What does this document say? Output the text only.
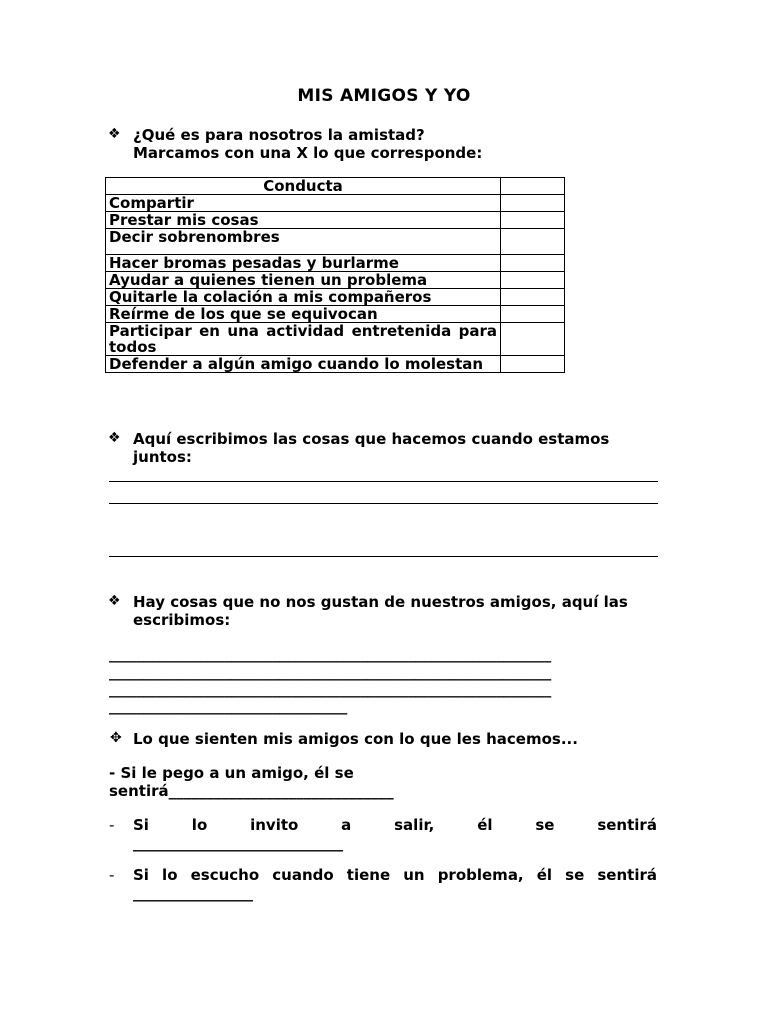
MIS AMIGOS Y YO
❖ ¿Qué es para nosotros la amistad?
Marcamos con una X lo que corresponde:
Conducta	
Compartir	
Prestar mis cosas	
Decir sobrenombres	
Hacer bromas pesadas y burlarme	
Ayudar a quienes tienen un problema	
Quitarle la colación a mis compañeros	
Reírme de los que se equivocan	
Participar en una actividad entretenida para todos	
Defender a algún amigo cuando lo molestan	
❖ Aquí escribimos las cosas que hacemos cuando estamos
juntos:
❖ Hay cosas que no nos gustan de nuestros amigos, aquí las
escribimos:
_________________________________________________________________
_________________________________________________________________
_________________________________________________________________
___________________________________
✥ Lo que sienten mis amigos con lo que les hacemos...
- Si le pego a un amigo, él se
sentirá______________________________
- Si	lo	invito	a	salir,	él	se	sentirá
____________________________
- Si lo escucho cuando tiene un problema, él se sentirá
________________
